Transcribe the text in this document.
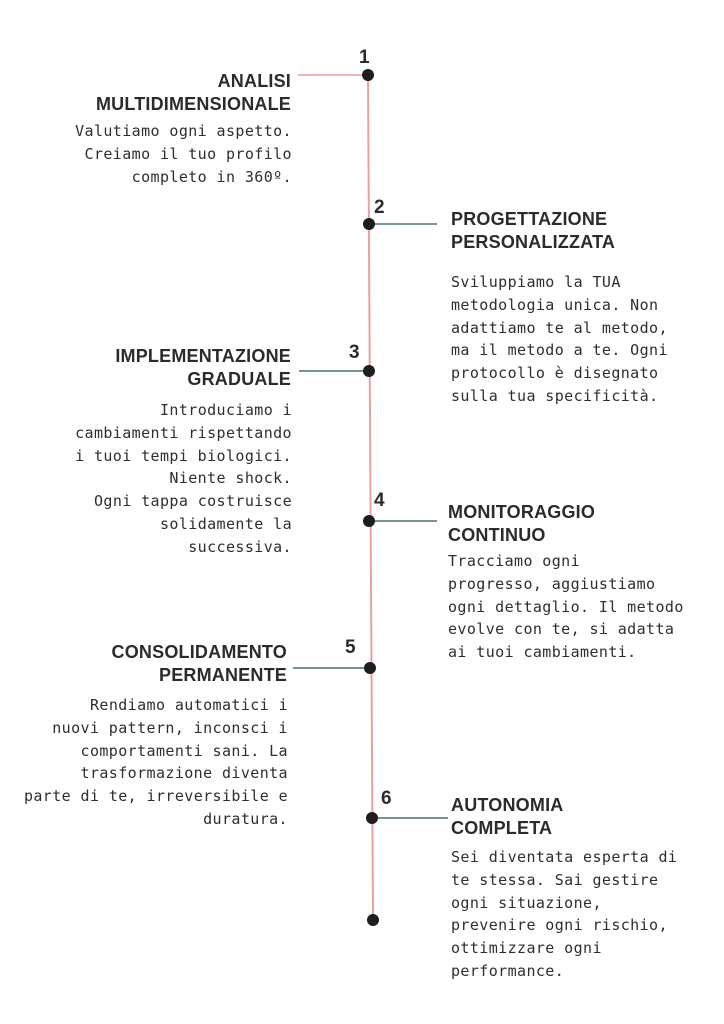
1
ANALISI
MULTIDIMENSIONALE
Valutiamo ogni aspetto.
Creiamo il tuo profilo
completo in 360º.
2
PROGETTAZIONE
PERSONALIZZATA
Sviluppiamo la TUA
metodologia unica. Non
adattiamo te al metodo,
ma il metodo a te. Ogni
protocollo è disegnato
sulla tua specificità.
3
IMPLEMENTAZIONE
GRADUALE
Introduciamo i
cambiamenti rispettando
i tuoi tempi biologici.
Niente shock.
Ogni tappa costruisce
solidamente la
successiva.
4
MONITORAGGIO
CONTINUO
Tracciamo ogni
progresso, aggiustiamo
ogni dettaglio. Il metodo
evolve con te, si adatta
ai tuoi cambiamenti.
5
CONSOLIDAMENTO
PERMANENTE
Rendiamo automatici i
nuovi pattern, inconsci i
comportamenti sani. La
trasformazione diventa
parte di te, irreversibile e
duratura.
6	AUTONOMIA
COMPLETA
Sei diventata esperta di
te stessa. Sai gestire
ogni situazione,
prevenire ogni rischio,
ottimizzare ogni
performance.
